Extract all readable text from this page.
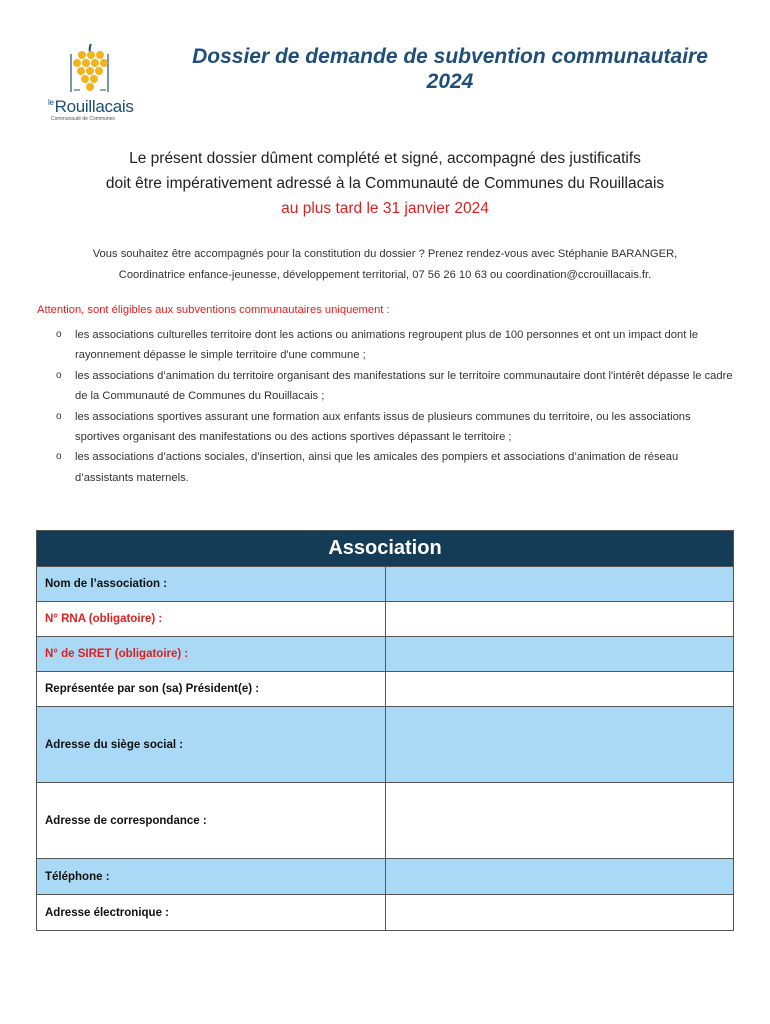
$^{le}$Rouillacais
Communauté de Communes
Dossier de demande de subvention communautaire
2024
Le présent dossier dûment complété et signé, accompagné des justificatifs
doit être impérativement adressé à la Communauté de Communes du Rouillacais
au plus tard le 31 janvier 2024
Vous souhaitez être accompagnés pour la constitution du dossier ? Prenez rendez-vous avec Stéphanie BARANGER,
Coordinatrice enfance-jeunesse, développement territorial, 07 56 26 10 63 ou coordination@ccrouillacais.fr.
Attention, sont éligibles aux subventions communautaires uniquement :
o les associations culturelles territoire dont les actions ou animations regroupent plus de 100 personnes et ont un impact dont le rayonnement dépasse le simple territoire d'une commune ;
o les associations d’animation du territoire organisant des manifestations sur le territoire communautaire dont l'intérêt dépasse le cadre de la Communauté de Communes du Rouillacais ;
o les associations sportives assurant une formation aux enfants issus de plusieurs communes du territoire, ou les associations sportives organisant des manifestations ou des actions sportives dépassant le territoire ;
o les associations d’actions sociales, d’insertion, ainsi que les amicales des pompiers et associations d’animation de réseau d’assistants maternels.
Association	
Nom de l’association :	
N° RNA (obligatoire) :	
N° de SIRET (obligatoire) :	
Représentée par son (sa) Président(e) :	
Adresse du siège social :	
Adresse de correspondance :	
Téléphone :	
Adresse électronique :	
